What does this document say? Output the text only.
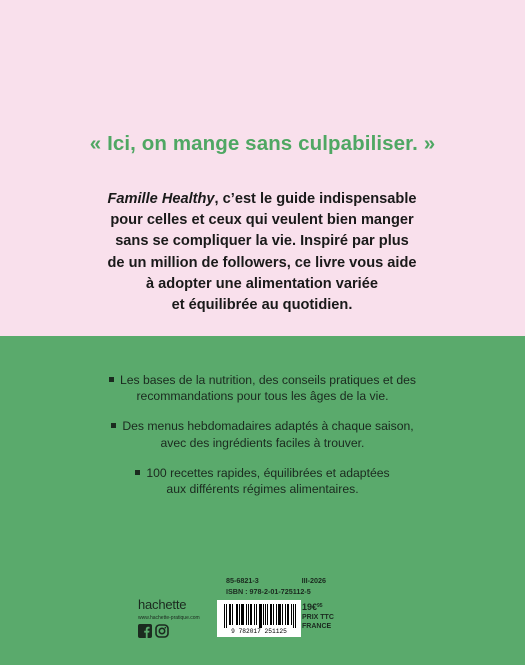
« Ici, on mange sans culpabiliser. »
Famille Healthy, c’est le guide indispensable
pour celles et ceux qui veulent bien manger
sans se compliquer la vie. Inspiré par plus
de un million de followers, ce livre vous aide
à adopter une alimentation variée
et équilibrée au quotidien.
Les bases de la nutrition, des conseils pratiques et des
recommandations pour tous les âges de la vie.
Des menus hebdomadaires adaptés à chaque saison,
avec des ingrédients faciles à trouver.
100 recettes rapides, équilibrées et adaptées
aux différents régimes alimentaires.
hachette
www.hachette-pratique.com
85-6821-3	III-2026
ISBN : 978-2-01-725112-5
9 782017 251125
19€$^{95}$
PRIX TTC
FRANCE
